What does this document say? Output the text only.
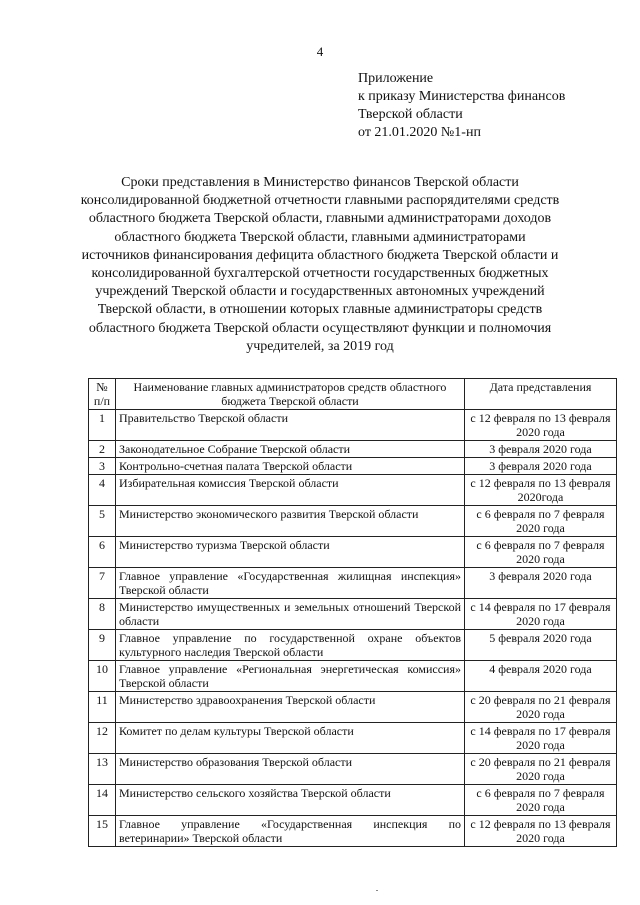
4
Приложение
к приказу Министерства финансов
Тверской области
от 21.01.2020 №1-нп
Сроки представления в Министерство финансов Тверской области
консолидированной бюджетной отчетности главными распорядителями средств
областного бюджета Тверской области, главными администраторами доходов
областного бюджета Тверской области, главными администраторами
источников финансирования дефицита областного бюджета Тверской области и
консолидированной бухгалтерской отчетности государственных бюджетных
учреждений Тверской области и государственных автономных учреждений
Тверской области, в отношении которых главные администраторы средств
областного бюджета Тверской области осуществляют функции и полномочия
учредителей, за 2019 год
№ п/п	Наименование главных администраторов средств областного бюджета Тверской области	Дата представления
1	Правительство Тверской области	с 12 февраля по 13 февраля 2020 года
2	Законодательное Собрание Тверской области	3 февраля 2020 года
3	Контрольно-счетная палата Тверской области	3 февраля 2020 года
4	Избирательная комиссия Тверской области	с 12 февраля по 13 февраля 2020года
5	Министерство экономического развития Тверской области	с 6 февраля по 7 февраля 2020 года
6	Министерство туризма Тверской области	с 6 февраля по 7 февраля 2020 года
7	Главное управление «Государственная жилищная инспекция» Тверской области	3 февраля 2020 года
8	Министерство имущественных и земельных отношений Тверской области	с 14 февраля по 17 февраля 2020 года
9	Главное управление по государственной охране объектов культурного наследия Тверской области	5 февраля 2020 года
10	Главное управление «Региональная энергетическая комиссия» Тверской области	4 февраля 2020 года
11	Министерство здравоохранения Тверской области	с 20 февраля по 21 февраля 2020 года
12	Комитет по делам культуры Тверской области	с 14 февраля по 17 февраля 2020 года
13	Министерство образования Тверской области	с 20 февраля по 21 февраля 2020 года
14	Министерство сельского хозяйства Тверской области	с 6 февраля по 7 февраля 2020 года
15	Главное управление «Государственная инспекция по ветеринарии» Тверской области	с 12 февраля по 13 февраля 2020 года
